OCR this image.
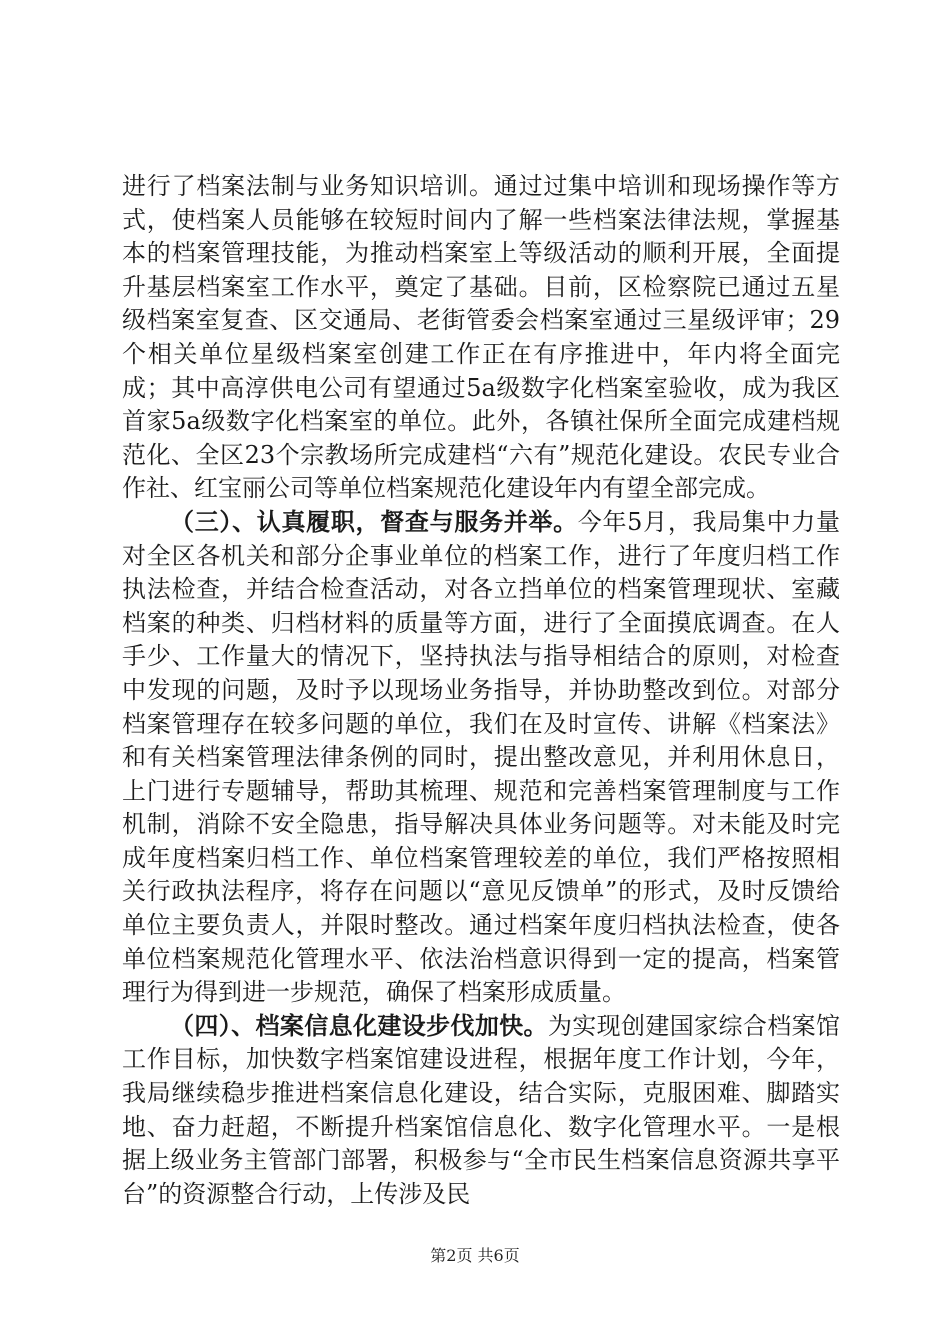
进行了档案法制与业务知识培训。通过过集中培训和现场操作等方式，使档案人员能够在较短时间内了解一些档案法律法规，掌握基本的档案管理技能，为推动档案室上等级活动的顺利开展，全面提升基层档案室工作水平，奠定了基础。目前，区检察院已通过五星级档案室复查、区交通局、老街管委会档案室通过三星级评审；29个相关单位星级档案室创建工作正在有序推进中，年内将全面完成；其中高淳供电公司有望通过5a级数字化档案室验收，成为我区首家5a级数字化档案室的单位。此外，各镇社保所全面完成建档规范化、全区23个宗教场所完成建档“六有”规范化建设。农民专业合作社、红宝丽公司等单位档案规范化建设年内有望全部完成。

（三）、认真履职，督查与服务并举。今年5月，我局集中力量对全区各机关和部分企事业单位的档案工作，进行了年度归档工作执法检查，并结合检查活动，对各立挡单位的档案管理现状、室藏档案的种类、归档材料的质量等方面，进行了全面摸底调查。在人手少、工作量大的情况下，坚持执法与指导相结合的原则，对检查中发现的问题，及时予以现场业务指导，并协助整改到位。对部分档案管理存在较多问题的单位，我们在及时宣传、讲解《档案法》和有关档案管理法律条例的同时，提出整改意见，并利用休息日，上门进行专题辅导，帮助其梳理、规范和完善档案管理制度与工作机制，消除不安全隐患，指导解决具体业务问题等。对未能及时完成年度档案归档工作、单位档案管理较差的单位，我们严格按照相关行政执法程序，将存在问题以“意见反馈单”的形式，及时反馈给单位主要负责人，并限时整改。通过档案年度归档执法检查，使各单位档案规范化管理水平、依法治档意识得到一定的提高，档案管理行为得到进一步规范，确保了档案形成质量。

（四）、档案信息化建设步伐加快。为实现创建国家综合档案馆工作目标，加快数字档案馆建设进程，根据年度工作计划，今年，我局继续稳步推进档案信息化建设，结合实际，克服困难、脚踏实地、奋力赶超，不断提升档案馆信息化、数字化管理水平。一是根据上级业务主管部门部署，积极参与“全市民生档案信息资源共享平台”的资源整合行动，上传涉及民

第2页 共6页
